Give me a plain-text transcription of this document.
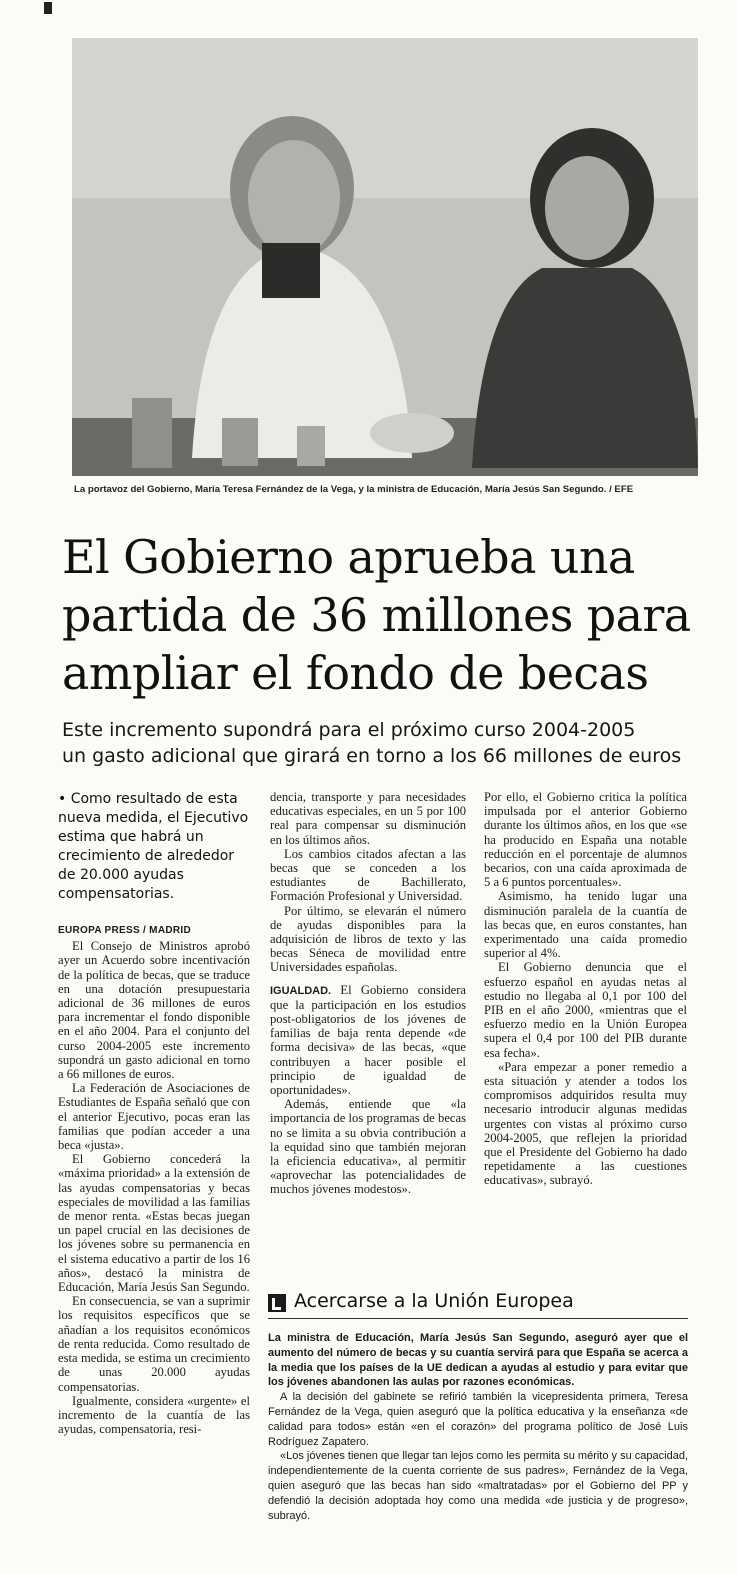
La portavoz del Gobierno, María Teresa Fernández de la Vega, y la ministra de Educación, María Jesús San Segundo. / EFE
El Gobierno aprueba una
partida de 36 millones para
ampliar el fondo de becas
Este incremento supondrá para el próximo curso 2004-2005
un gasto adicional que girará en torno a los 66 millones de euros

• Como resultado de esta nueva medida, el Ejecutivo estima que habrá un crecimiento de alrededor de 20.000 ayudas compensatorias.

EUROPA PRESS / MADRID

El Consejo de Ministros aprobó ayer un Acuerdo sobre incentivación de la política de becas, que se traduce en una dotación presupuestaria adicional de 36 millones de euros para incrementar el fondo disponible en el año 2004. Para el conjunto del curso 2004-2005 este incremento supondrá un gasto adicional en torno a 66 millones de euros.

La Federación de Asociaciones de Estudiantes de España señaló que con el anterior Ejecutivo, pocas eran las familias que podían acceder a una beca «justa».

El Gobierno concederá la «máxima prioridad» a la extensión de las ayudas compensatorias y becas especiales de movilidad a las familias de menor renta. «Estas becas juegan un papel crucial en las decisiones de los jóvenes sobre su permanencia en el sistema educativo a partir de los 16 años», destacó la ministra de Educación, María Jesús San Segundo.

En consecuencia, se van a suprimir los requisitos específicos que se añadían a los requisitos económicos de renta reducida. Como resultado de esta medida, se estima un crecimiento de unas 20.000 ayudas compensatorias.

Igualmente, considera «urgente» el incremento de la cuantía de las ayudas, compensatoria, resi-

dencia, transporte y para necesidades educativas especiales, en un 5 por 100 real para compensar su disminución en los últimos años.

Los cambios citados afectan a las becas que se conceden a los estudiantes de Bachillerato, Formación Profesional y Universidad.

Por último, se elevarán el número de ayudas disponibles para la adquisición de libros de texto y las becas Séneca de movilidad entre Universidades españolas.

IGUALDAD. El Gobierno considera que la participación en los estudios post-obligatorios de los jóvenes de familias de baja renta depende «de forma decisiva» de las becas, «que contribuyen a hacer posible el principio de igualdad de oportunidades».

Además, entiende que «la importancia de los programas de becas no se limita a su obvia contribución a la equidad sino que también mejoran la eficiencia educativa», al permitir «aprovechar las potencialidades de muchos jóvenes modestos».

Por ello, el Gobierno critica la política impulsada por el anterior Gobierno durante los últimos años, en los que «se ha producido en España una notable reducción en el porcentaje de alumnos becarios, con una caída aproximada de 5 a 6 puntos porcentuales».

Asimismo, ha tenido lugar una disminución paralela de la cuantía de las becas que, en euros constantes, han experimentado una caída promedio superior al 4%.

El Gobierno denuncia que el esfuerzo español en ayudas netas al estudio no llegaba al 0,1 por 100 del PIB en el año 2000, «mientras que el esfuerzo medio en la Unión Europea supera el 0,4 por 100 del PIB durante esa fecha».

«Para empezar a poner remedio a esta situación y atender a todos los compromisos adquiridos resulta muy necesario introducir algunas medidas urgentes con vistas al próximo curso 2004-2005, que reflejen la prioridad que el Presidente del Gobierno ha dado repetidamente a las cuestiones educativas», subrayó.

Acercarse a la Unión Europea

La ministra de Educación, María Jesús San Segundo, aseguró ayer que el aumento del número de becas y su cuantía servirá para que España se acerca a la media que los países de la UE dedican a ayudas al estudio y para evitar que los jóvenes abandonen las aulas por razones económicas.

A la decisión del gabinete se refirió también la vicepresidenta primera, Teresa Fernández de la Vega, quien aseguró que la política educativa y la enseñanza «de calidad para todos» están «en el corazón» del programa político de José Luis Rodríguez Zapatero.

«Los jóvenes tienen que llegar tan lejos como les permita su mérito y su capacidad, independientemente de la cuenta corriente de sus padres», Fernández de la Vega, quien aseguró que las becas han sido «maltratadas» por el Gobierno del PP y defendió la decisión adoptada hoy como una medida «de justicia y de progreso», subrayó.
